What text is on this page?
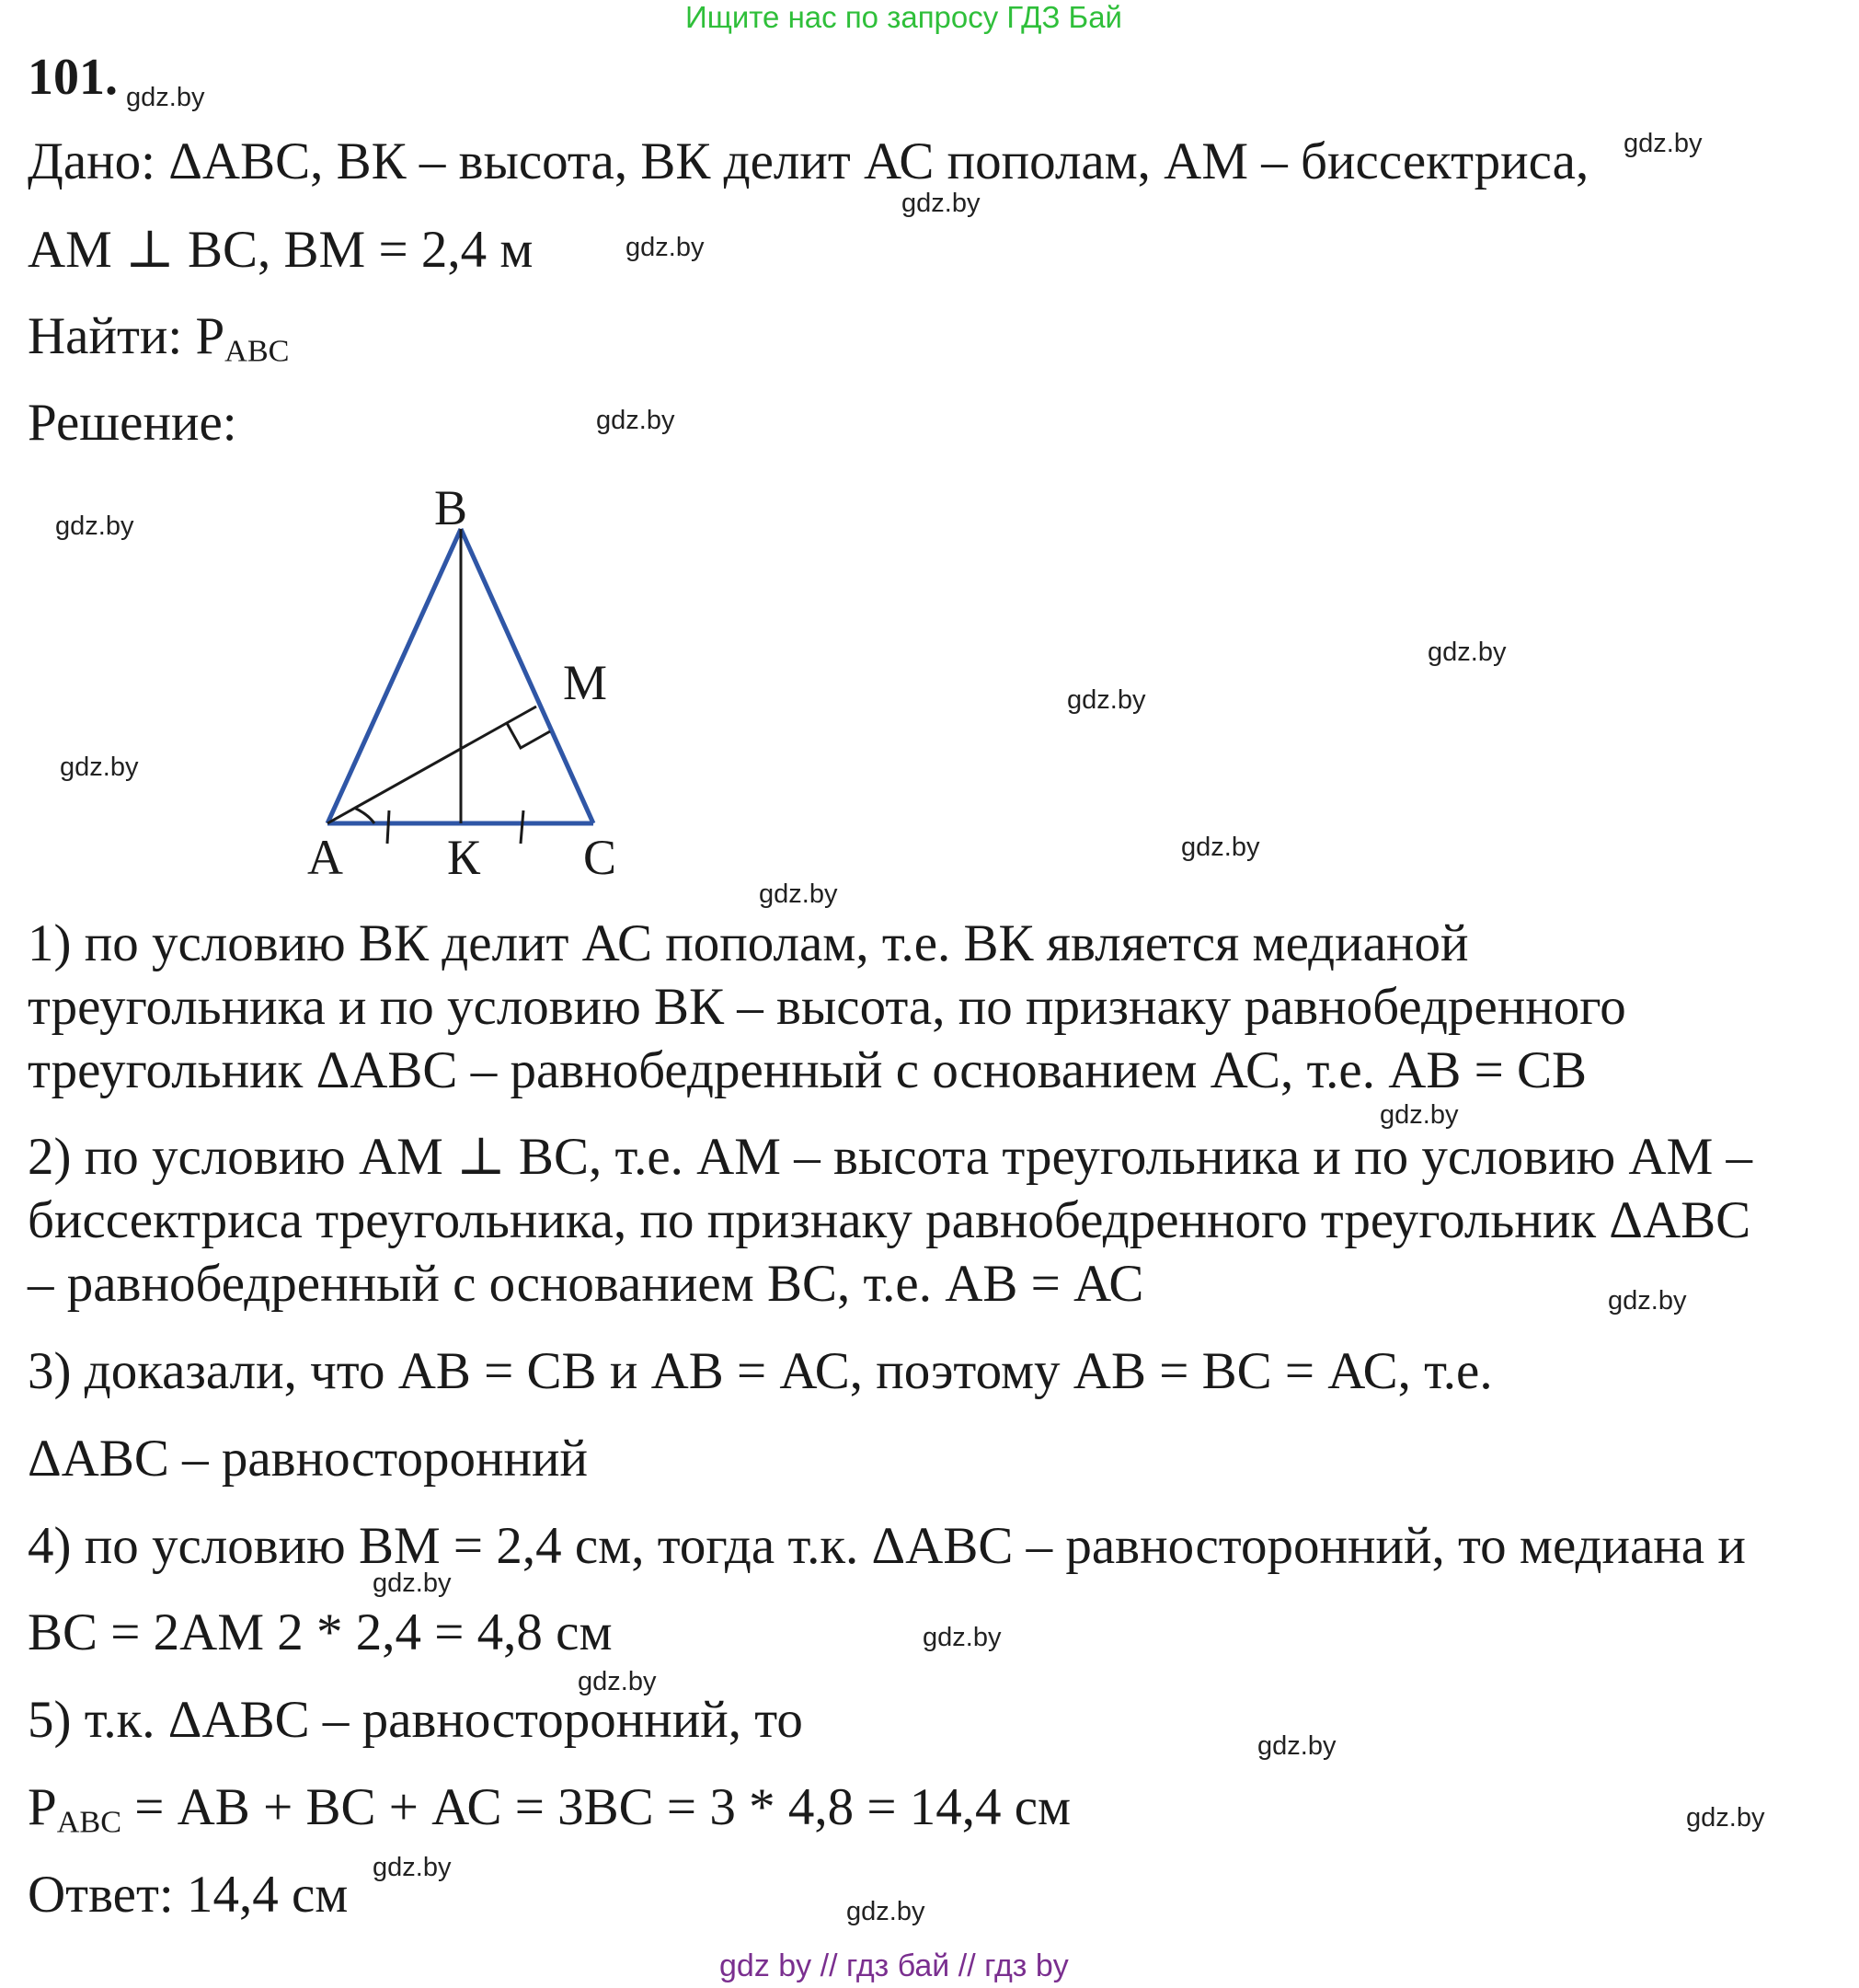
Ищите нас по запросу ГДЗ Бай
101.
Дано: ΔАВС, ВК – высота, ВК делит АС пополам, АМ – биссектриса,
АМ ⊥ ВС, ВМ = 2,4 м
Найти: $Р_{АВС}$
Решение:
В
М
А К С
1) по условию ВК делит АС пополам, т.е. ВК является медианой
треугольника и по условию ВК – высота, по признаку равнобедренного
треугольник ΔАВС – равнобедренный с основанием АС, т.е. АВ = СВ
2) по условию АМ ⊥ ВС, т.е. АМ – высота треугольника и по условию АМ –
биссектриса треугольника, по признаку равнобедренного треугольник ΔАВС
– равнобедренный с основанием ВС, т.е. АВ = АС
3) доказали, что АВ = СВ и АВ = АС, поэтому АВ = ВС = АС, т.е.
ΔАВС – равносторонний
4) по условию ВМ = 2,4 см, тогда т.к. ΔАВС – равносторонний, то медиана и
ВС = 2АМ 2 * 2,4 = 4,8 см
5) т.к. ΔАВС – равносторонний, то
$Р_{АВС}$ = АВ + ВС + АС = 3ВС = 3 * 4,8 = 14,4 см
Ответ: 14,4 см
gdz.by
gdz.by
gdz.by
gdz.by
gdz.by
gdz.by
gdz.by
gdz.by
gdz.by
gdz.by
gdz.by
gdz.by
gdz.by
gdz.by
gdz.by
gdz.by
gdz.by
gdz.by
gdz.by
gdz.by
gdz by // гдз бай // гдз by
